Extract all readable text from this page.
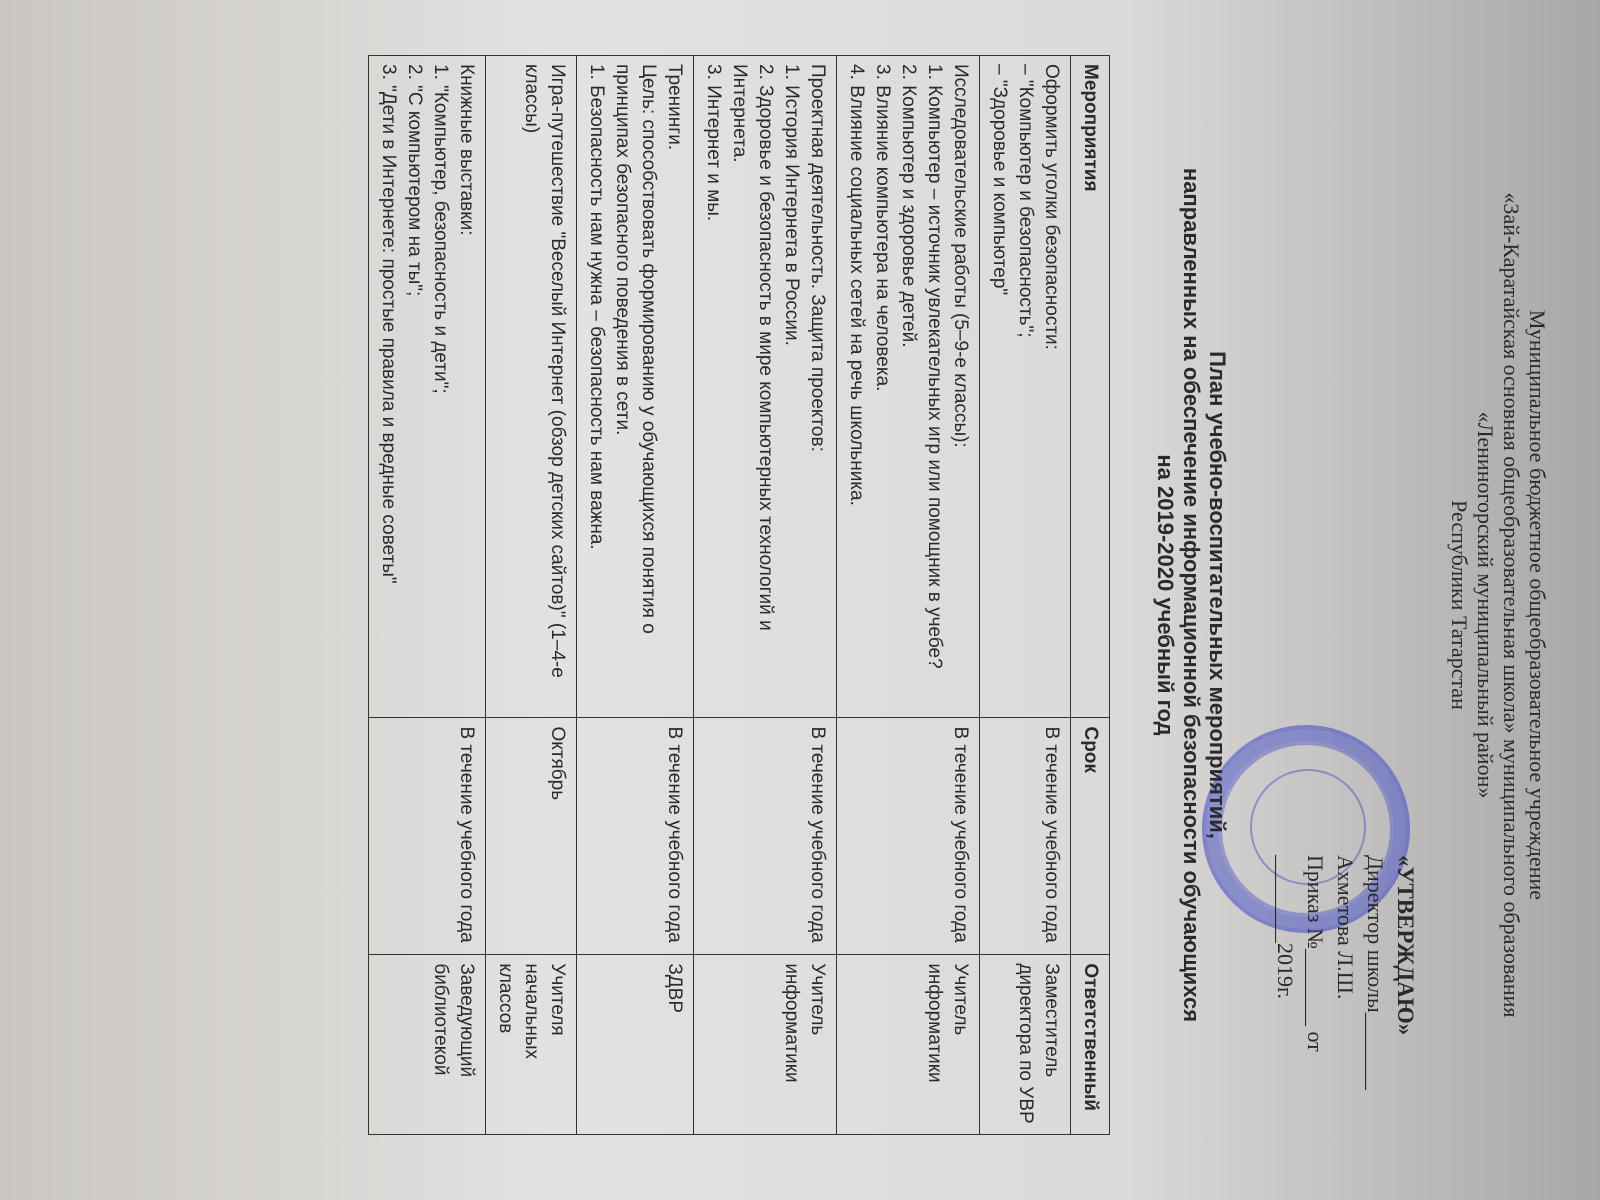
Муниципальное бюджетное общеобразовательное учреждение
«Зай-Каратайская основная общеобразовательная школа» муниципального образования
«Лениногорский муниципальный район»
Республики Татарстан
«УТВЕРЖДАЮ»
Директор школы_______ Ахметова Л.Ш.
Приказ №_______ от ________2019г.
План учебно-воспитательных мероприятий,
направленных на обеспечение информационной безопасности обучающихся
на 2019-2020 учебный год
Мероприятия	Срок	Ответственный

Оформить уголки безопасности:
– "Компьютер и безопасность";
– "Здоровье и компьютер"	В течение учебного года	Заместитель директора по УВР

Исследовательские работы (5–9-е классы):
1. Компьютер – источник увлекательных игр или помощник в учебе?
2. Компьютер и здоровье детей.
3. Влияние компьютера на человека.
4. Влияние социальных сетей на речь школьника.	В течение учебного года	Учитель информатики

Проектная деятельность. Защита проектов:
1. История Интернета в России.
2. Здоровье и безопасность в мире компьютерных технологий и Интернета.
3. Интернет и мы.	В течение учебного года	Учитель информатики

Тренинги.
Цель: способствовать формированию у обучающихся понятия о принципах безопасного поведения в сети.
1. Безопасность нам нужна – безопасность нам важна.	В течение учебного года	ЗДВР

Игра-путешествие "Веселый Интернет (обзор детских сайтов)" (1–4-е классы)	Октябрь	Учителя начальных классов

Книжные выставки:
1. "Компьютер, безопасность и дети";
2. "С компьютером на ты";
3. "Дети в Интернете: простые правила и вредные советы"	В течение учебного года	Заведующий библиотекой
